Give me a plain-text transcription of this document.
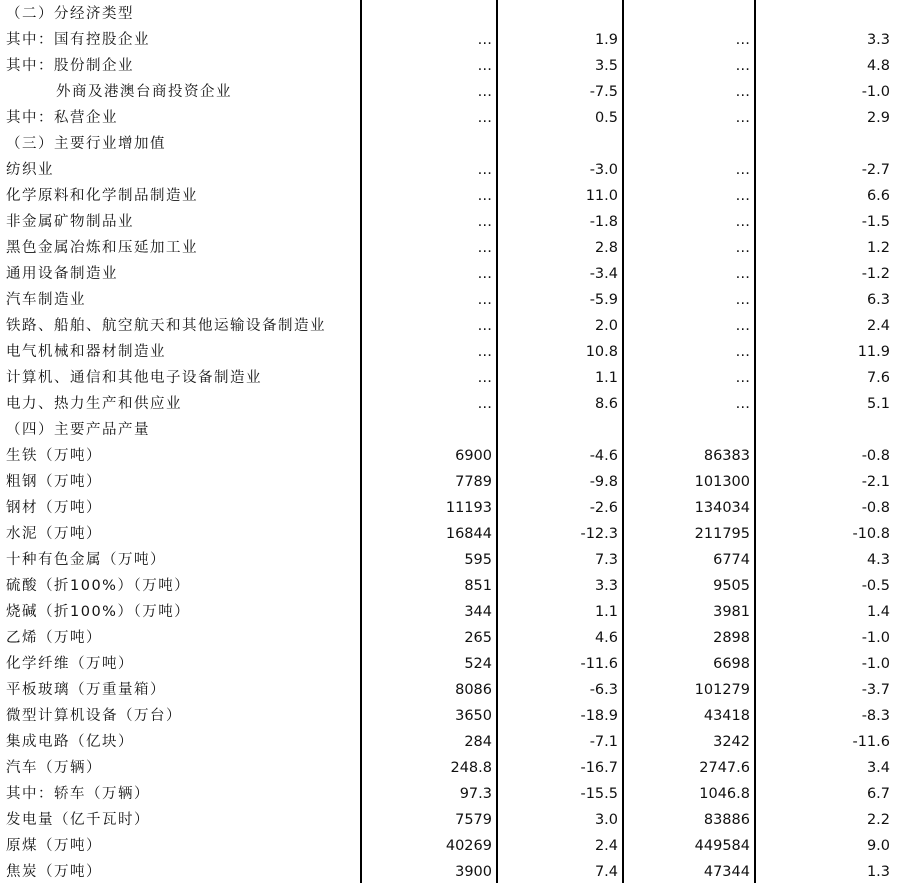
（二）分经济类型
其中：国有控股企业	…	1.9	…	3.3
其中：股份制企业	…	3.5	…	4.8
外商及港澳台商投资企业	…	-7.5	…	-1.0
其中：私营企业	…	0.5	…	2.9
（三）主要行业增加值
纺织业	…	-3.0	…	-2.7
化学原料和化学制品制造业	…	11.0	…	6.6
非金属矿物制品业	…	-1.8	…	-1.5
黑色金属冶炼和压延加工业	…	2.8	…	1.2
通用设备制造业	…	-3.4	…	-1.2
汽车制造业	…	-5.9	…	6.3
铁路、船舶、航空航天和其他运输设备制造业	…	2.0	…	2.4
电气机械和器材制造业	…	10.8	…	11.9
计算机、通信和其他电子设备制造业	…	1.1	…	7.6
电力、热力生产和供应业	…	8.6	…	5.1
（四）主要产品产量
生铁（万吨）	6900	-4.6	86383	-0.8
粗钢（万吨）	7789	-9.8	101300	-2.1
钢材（万吨）	11193	-2.6	134034	-0.8
水泥（万吨）	16844	-12.3	211795	-10.8
十种有色金属（万吨）	595	7.3	6774	4.3
硫酸（折100%）（万吨）	851	3.3	9505	-0.5
烧碱（折100%）（万吨）	344	1.1	3981	1.4
乙烯（万吨）	265	4.6	2898	-1.0
化学纤维（万吨）	524	-11.6	6698	-1.0
平板玻璃（万重量箱）	8086	-6.3	101279	-3.7
微型计算机设备（万台）	3650	-18.9	43418	-8.3
集成电路（亿块）	284	-7.1	3242	-11.6
汽车（万辆）	248.8	-16.7	2747.6	3.4
其中：轿车（万辆）	97.3	-15.5	1046.8	6.7
发电量（亿千瓦时）	7579	3.0	83886	2.2
原煤（万吨）	40269	2.4	449584	9.0
焦炭（万吨）	3900	7.4	47344	1.3
